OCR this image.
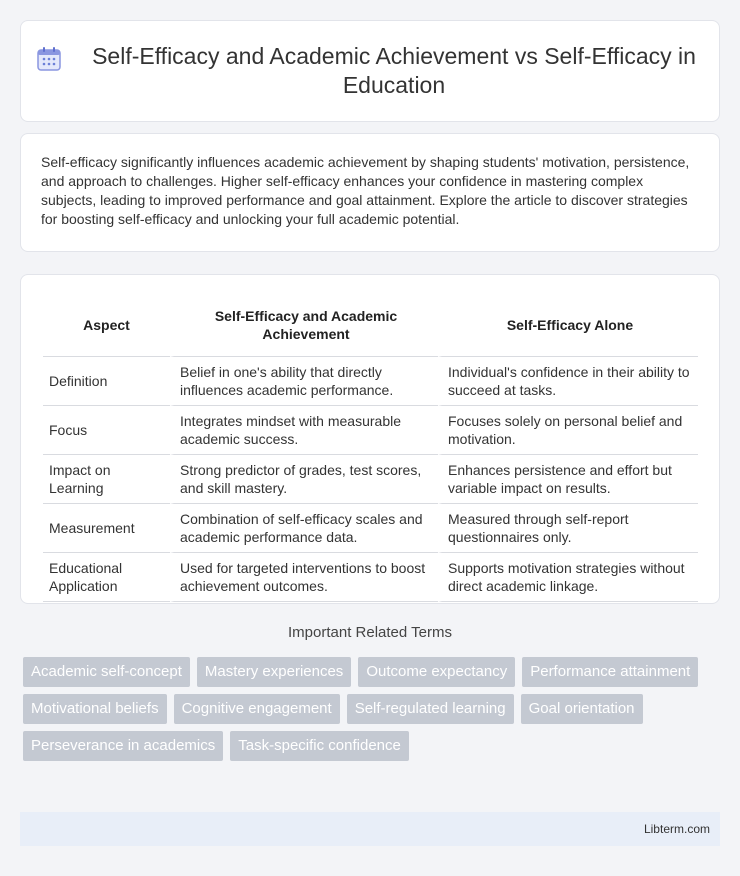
Self-Efficacy and Academic Achievement vs Self-Efficacy in Education

Self-efficacy significantly influences academic achievement by shaping students' motivation, persistence, and approach to challenges. Higher self-efficacy enhances your confidence in mastering complex subjects, leading to improved performance and goal attainment. Explore the article to discover strategies for boosting self-efficacy and unlocking your full academic potential.

Aspect	Self-Efficacy and Academic Achievement	Self-Efficacy Alone
Definition	Belief in one's ability that directly influences academic performance.	Individual's confidence in their ability to succeed at tasks.
Focus	Integrates mindset with measurable academic success.	Focuses solely on personal belief and motivation.
Impact on Learning	Strong predictor of grades, test scores, and skill mastery.	Enhances persistence and effort but variable impact on results.
Measurement	Combination of self-efficacy scales and academic performance data.	Measured through self-report questionnaires only.
Educational Application	Used for targeted interventions to boost achievement outcomes.	Supports motivation strategies without direct academic linkage.
Important Related Terms
Academic self-concept	Mastery experiences	Outcome expectancy	Performance attainment
Motivational beliefs	Cognitive engagement	Self-regulated learning	Goal orientation
Perseverance in academics	Task-specific confidence
Libterm.com
